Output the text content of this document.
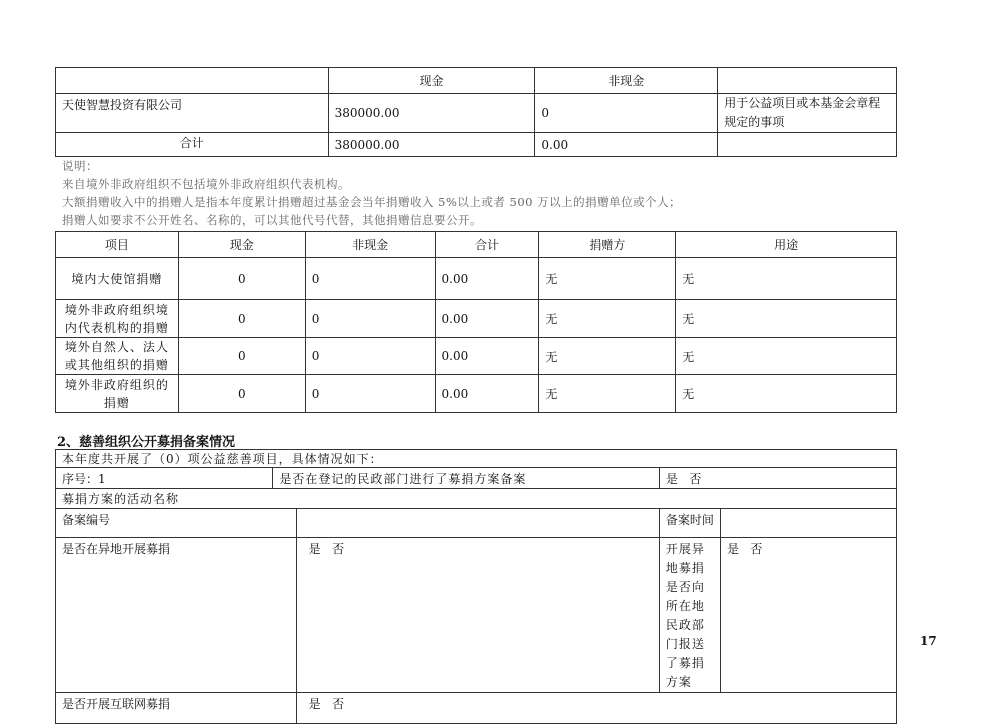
	现金	非现金	
天使智慧投资有限公司	380000.00	0	用于公益项目或本基金会章程规定的事项
合计	380000.00	0.00	
说明：
来自境外非政府组织不包括境外非政府组织代表机构。
大额捐赠收入中的捐赠人是指本年度累计捐赠超过基金会当年捐赠收入 5%以上或者 500 万以上的捐赠单位或个人；
捐赠人如要求不公开姓名、名称的，可以其他代号代替，其他捐赠信息要公开。
项目	现金	非现金	合计	捐赠方	用途

境内大使馆捐赠	0	0	0.00	无	无

境外非政府组织境
内代表机构的捐赠	0	0	0.00	无	无

境外自然人、法人
或其他组织的捐赠	0	0	0.00	无	无

境外非政府组织的
捐赠	0	0	0.00	无	无
2、慈善组织公开募捐备案情况
本年度共开展了（0）项公益慈善项目，具体情况如下：				
序号：1	是否在登记的民政部门进行了募捐方案备案		是   否	
募捐方案的活动名称				
备案编号			备案时间	
是否在异地开展募捐		是   否	开展异地募捐是否向所在地民政部门报送了募捐方案	是   否
是否开展互联网募捐		是   否		
17
